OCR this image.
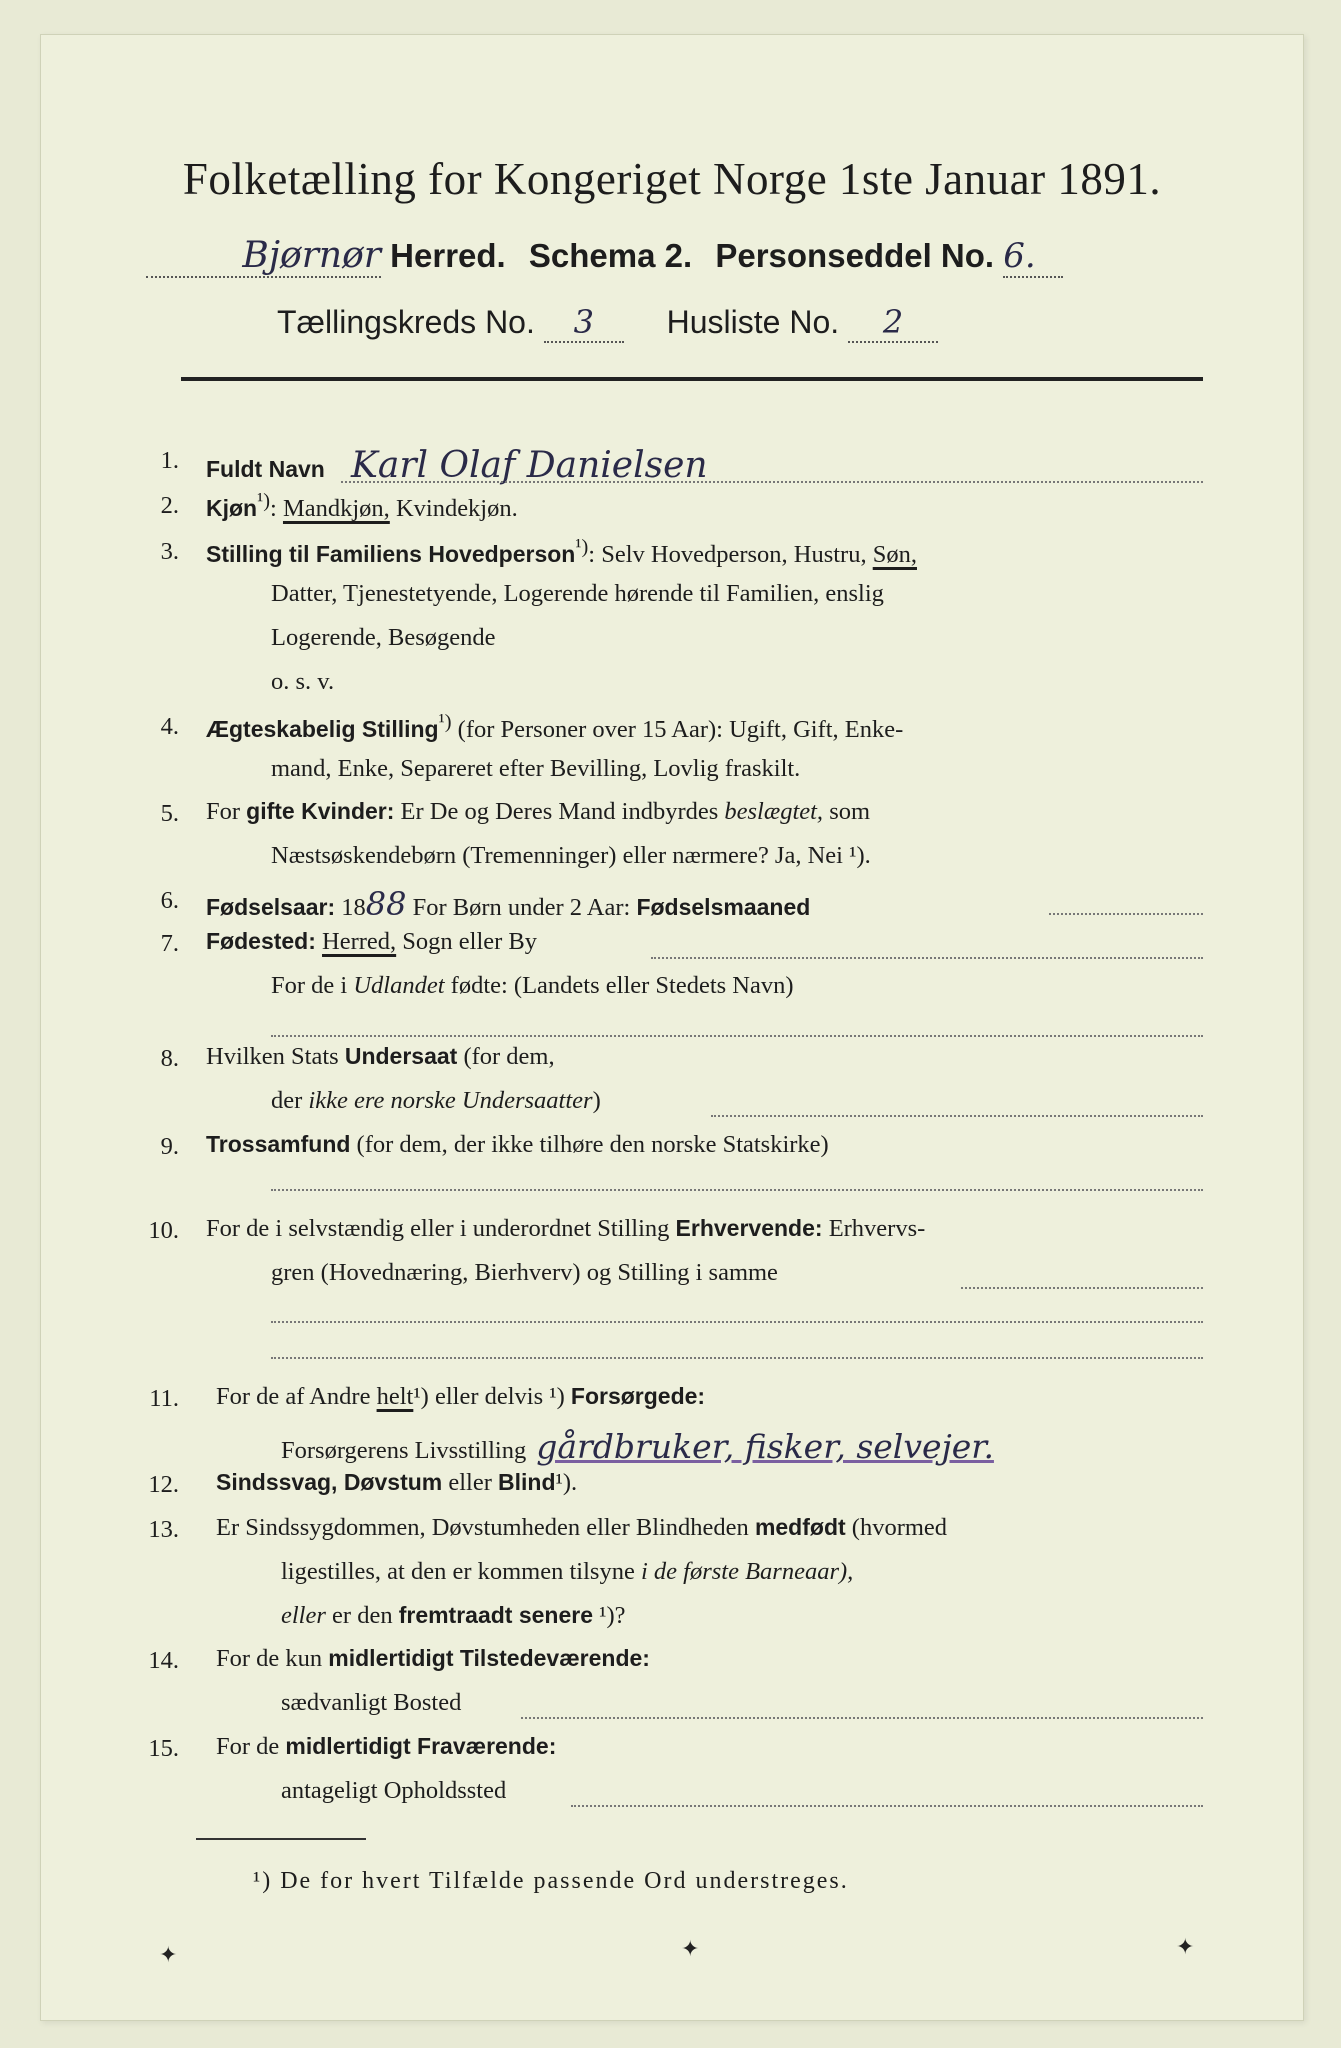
Folketælling for Kongeriget Norge 1ste Januar 1891.
Bjørnør Herred. Schema 2. Personseddel No. 6.
Tællingskreds No. 3 Husliste No. 2
1. Fuldt Navn Karl Olaf Danielsen
2. Kjøn$^{^1)}$: Mandkjøn, Kvindekjøn.
3. Stilling til Familiens Hovedperson$^{^1)}$: Selv Hovedperson, Hustru, Søn,
Datter, Tjenestetyende, Logerende hørende til Familien, enslig
Logerende, Besøgende
o. s. v.
4. Ægteskabelig Stilling$^{^1)}$ (for Personer over 15 Aar): Ugift, Gift, Enke-
mand, Enke, Separeret efter Bevilling, Lovlig fraskilt.
5. For gifte Kvinder: Er De og Deres Mand indbyrdes beslægtet, som
Næstsøskendebørn (Tremenninger) eller nærmere? Ja, Nei ¹).
6. Fødselsaar: 1888 For Børn under 2 Aar: Fødselsmaaned
7. Fødested: Herred, Sogn eller By
For de i Udlandet fødte: (Landets eller Stedets Navn)
8. Hvilken Stats Undersaat (for dem,
der ikke ere norske Undersaatter)
9. Trossamfund (for dem, der ikke tilhøre den norske Statskirke)
10. For de i selvstændig eller i underordnet Stilling Erhvervende: Erhvervs-
gren (Hovednæring, Bierhverv) og Stilling i samme
11. For de af Andre helt¹) eller delvis ¹) Forsørgede:
Forsørgerens Livsstilling gårdbruker, fisker, selvejer.
12. Sindssvag, Døvstum eller Blind¹).
13. Er Sindssygdommen, Døvstumheden eller Blindheden medfødt (hvormed
ligestilles, at den er kommen tilsyne i de første Barneaar),
eller er den fremtraadt senere ¹)?
14. For de kun midlertidigt Tilstedeværende:
sædvanligt Bosted
15. For de midlertidigt Fraværende:
antageligt Opholdssted
¹) De for hvert Tilfælde passende Ord understreges.
✦	✦	✦
